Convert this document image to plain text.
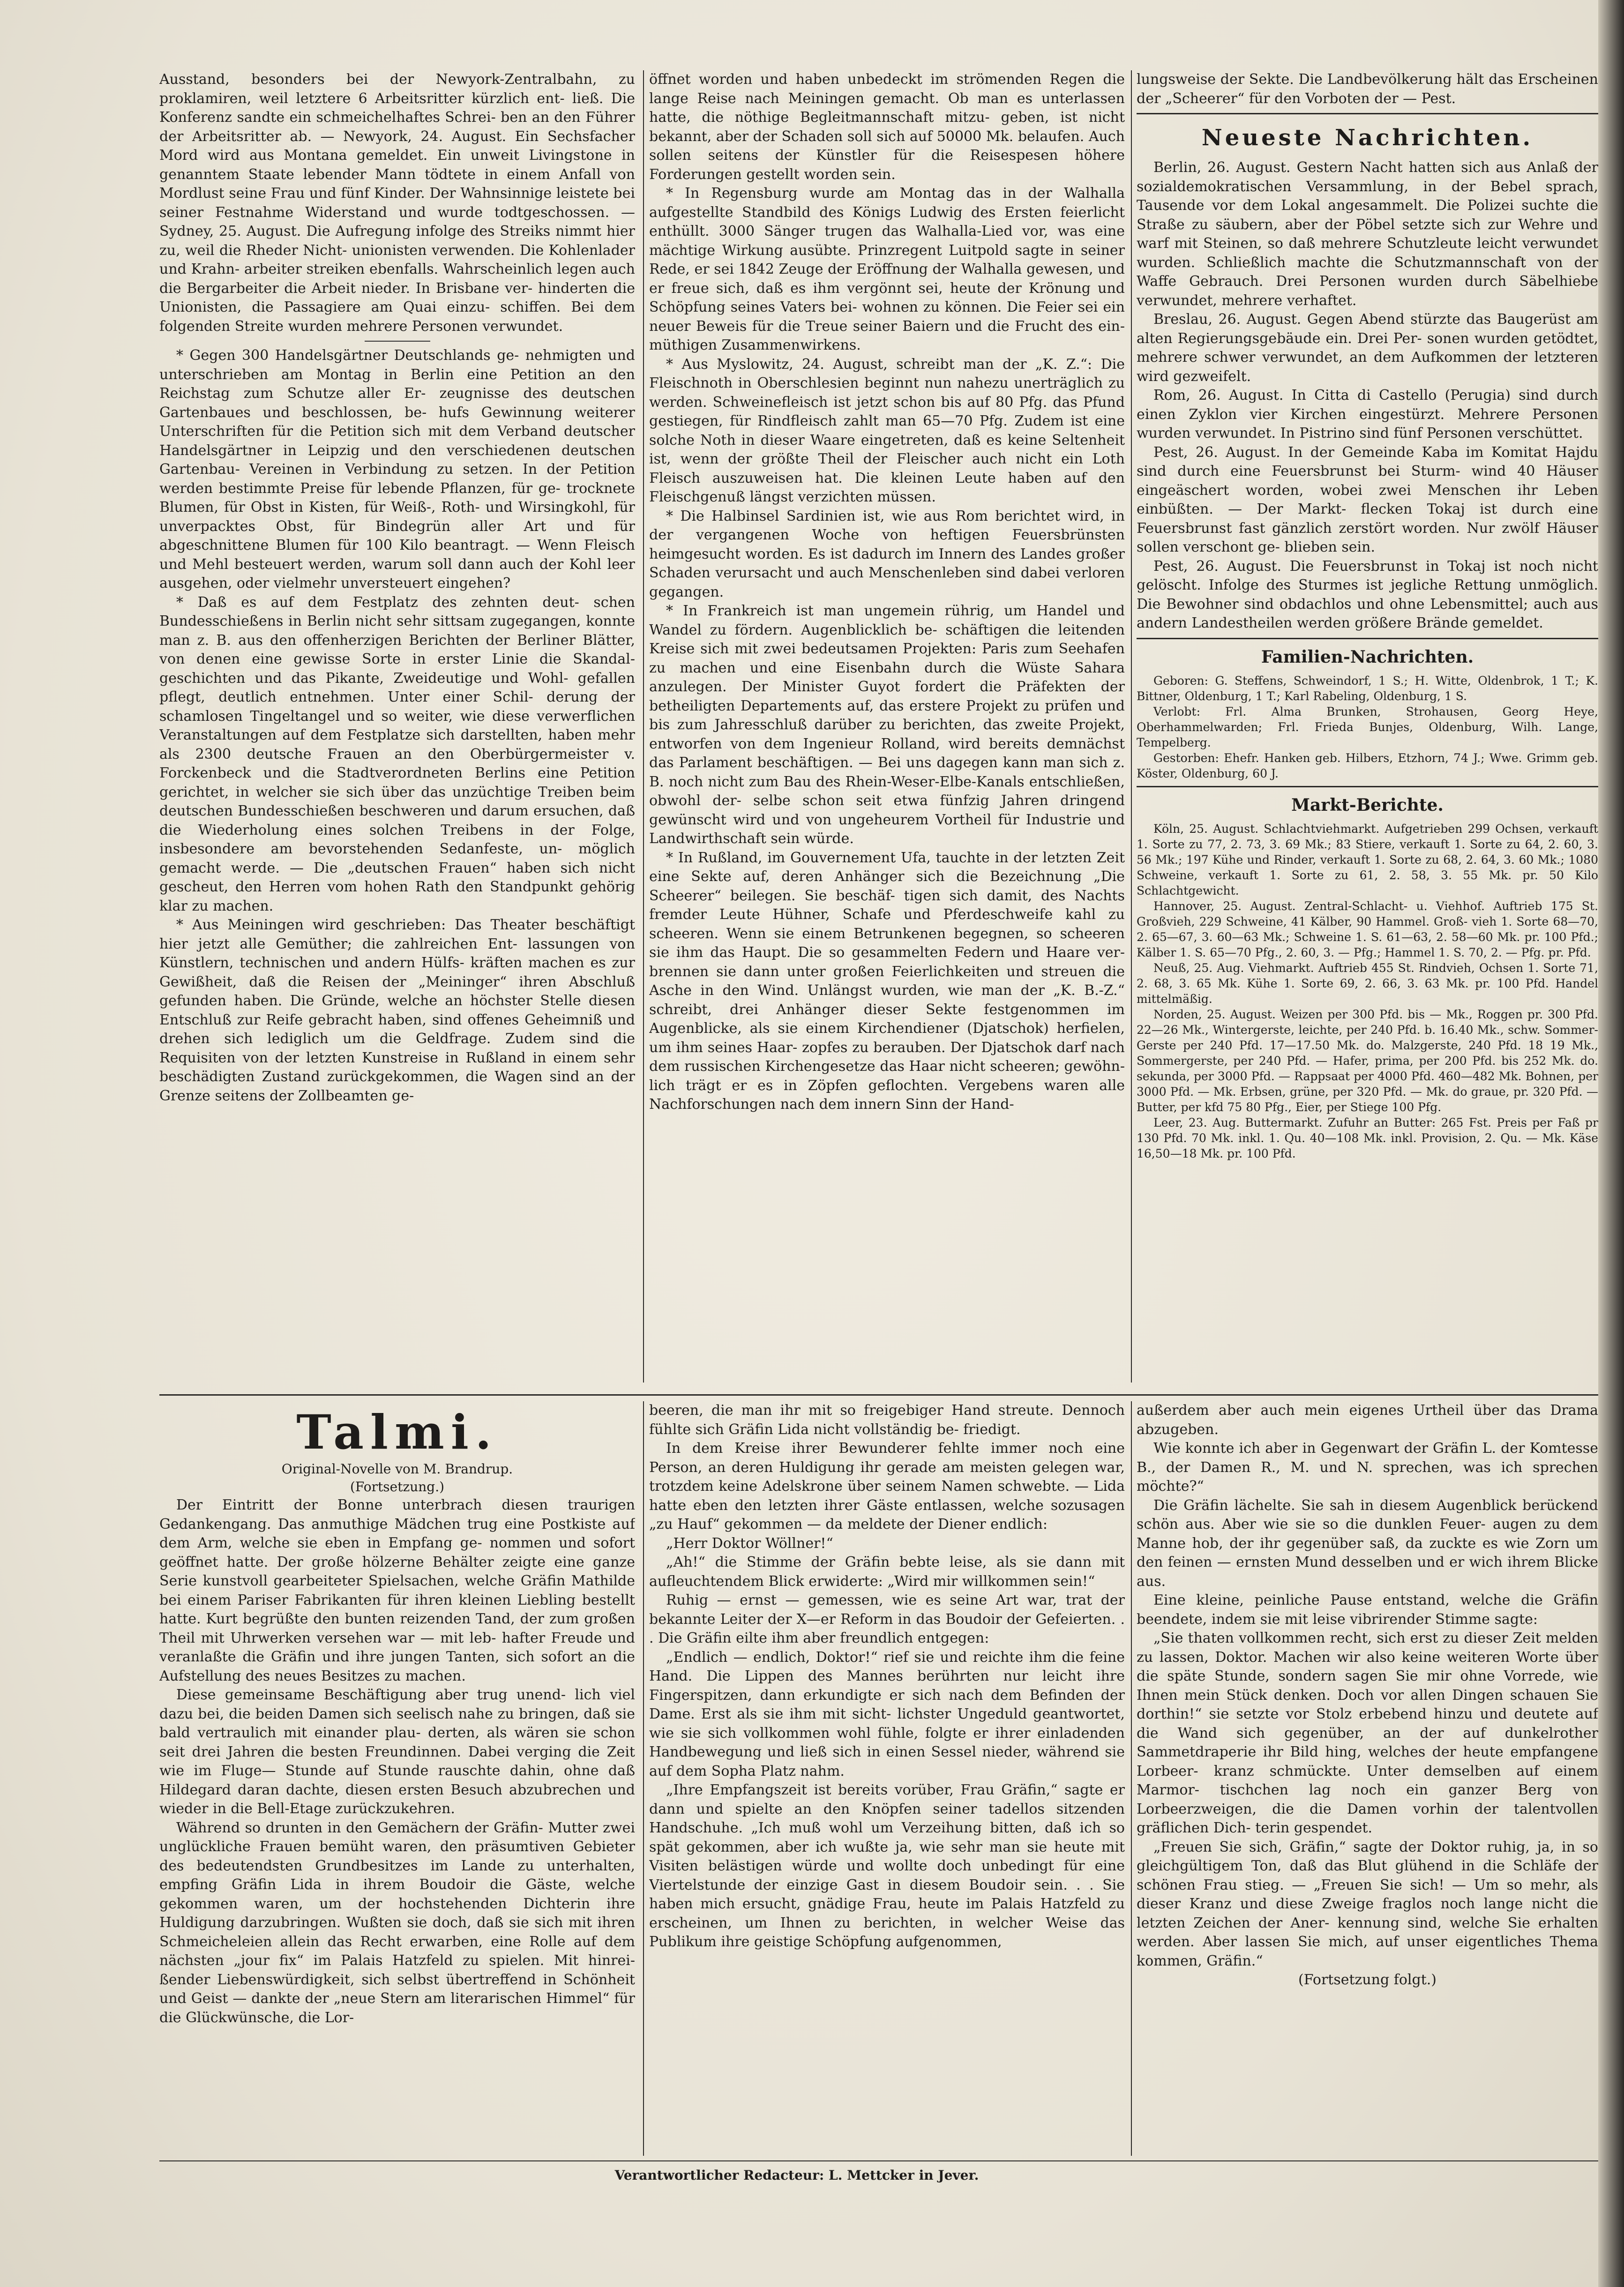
Ausstand, besonders bei der Newyork-Zentralbahn, zu proklamiren, weil letztere 6 Arbeitsritter kürzlich ent- ließ. Die Konferenz sandte ein schmeichelhaftes Schrei- ben an den Führer der Arbeitsritter ab. — Newyork, 24. August. Ein Sechsfacher Mord wird aus Montana gemeldet. Ein unweit Livingstone in genanntem Staate lebender Mann tödtete in einem Anfall von Mordlust seine Frau und fünf Kinder. Der Wahnsinnige leistete bei seiner Festnahme Widerstand und wurde todtgeschossen. — Sydney, 25. August. Die Aufregung infolge des Streiks nimmt hier zu, weil die Rheder Nicht- unionisten verwenden. Die Kohlenlader und Krahn- arbeiter streiken ebenfalls. Wahrscheinlich legen auch die Bergarbeiter die Arbeit nieder. In Brisbane ver- hinderten die Unionisten, die Passagiere am Quai einzu- schiffen. Bei dem folgenden Streite wurden mehrere Personen verwundet.

* Gegen 300 Handelsgärtner Deutschlands ge- nehmigten und unterschrieben am Montag in Berlin eine Petition an den Reichstag zum Schutze aller Er- zeugnisse des deutschen Gartenbaues und beschlossen, be- hufs Gewinnung weiterer Unterschriften für die Petition sich mit dem Verband deutscher Handelsgärtner in Leipzig und den verschiedenen deutschen Gartenbau- Vereinen in Verbindung zu setzen. In der Petition werden bestimmte Preise für lebende Pflanzen, für ge- trocknete Blumen, für Obst in Kisten, für Weiß-, Roth- und Wirsingkohl, für unverpacktes Obst, für Bindegrün aller Art und für abgeschnittene Blumen für 100 Kilo beantragt. — Wenn Fleisch und Mehl besteuert werden, warum soll dann auch der Kohl leer ausgehen, oder vielmehr unversteuert eingehen?

* Daß es auf dem Festplatz des zehnten deut- schen Bundesschießens in Berlin nicht sehr sittsam zugegangen, konnte man z. B. aus den offenherzigen Berichten der Berliner Blätter, von denen eine gewisse Sorte in erster Linie die Skandal- geschichten und das Pikante, Zweideutige und Wohl- gefallen pflegt, deutlich entnehmen. Unter einer Schil- derung der schamlosen Tingeltangel und so weiter, wie diese verwerflichen Veranstaltungen auf dem Festplatze sich darstellten, haben mehr als 2300 deutsche Frauen an den Oberbürgermeister v. Forckenbeck und die Stadtverordneten Berlins eine Petition gerichtet, in welcher sie sich über das unzüchtige Treiben beim deutschen Bundesschießen beschweren und darum ersuchen, daß die Wiederholung eines solchen Treibens in der Folge, insbesondere am bevorstehenden Sedanfeste, un- möglich gemacht werde. — Die „deutschen Frauen“ haben sich nicht gescheut, den Herren vom hohen Rath den Standpunkt gehörig klar zu machen.

* Aus Meiningen wird geschrieben: Das Theater beschäftigt hier jetzt alle Gemüther; die zahlreichen Ent- lassungen von Künstlern, technischen und andern Hülfs- kräften machen es zur Gewißheit, daß die Reisen der „Meininger“ ihren Abschluß gefunden haben. Die Gründe, welche an höchster Stelle diesen Entschluß zur Reife gebracht haben, sind offenes Geheimniß und drehen sich lediglich um die Geldfrage. Zudem sind die Requisiten von der letzten Kunstreise in Rußland in einem sehr beschädigten Zustand zurückgekommen, die Wagen sind an der Grenze seitens der Zollbeamten ge-

öffnet worden und haben unbedeckt im strömenden Regen die lange Reise nach Meiningen gemacht. Ob man es unterlassen hatte, die nöthige Begleitmannschaft mitzu- geben, ist nicht bekannt, aber der Schaden soll sich auf 50000 Mk. belaufen. Auch sollen seitens der Künstler für die Reisespesen höhere Forderungen gestellt worden sein.

* In Regensburg wurde am Montag das in der Walhalla aufgestellte Standbild des Königs Ludwig des Ersten feierlicht enthüllt. 3000 Sänger trugen das Walhalla-Lied vor, was eine mächtige Wirkung ausübte. Prinzregent Luitpold sagte in seiner Rede, er sei 1842 Zeuge der Eröffnung der Walhalla gewesen, und er freue sich, daß es ihm vergönnt sei, heute der Krönung und Schöpfung seines Vaters bei- wohnen zu können. Die Feier sei ein neuer Beweis für die Treue seiner Baiern und die Frucht des ein- müthigen Zusammenwirkens.

* Aus Myslowitz, 24. August, schreibt man der „K. Z.“: Die Fleischnoth in Oberschlesien beginnt nun nahezu unerträglich zu werden. Schweinefleisch ist jetzt schon bis auf 80 Pfg. das Pfund gestiegen, für Rindfleisch zahlt man 65—70 Pfg. Zudem ist eine solche Noth in dieser Waare eingetreten, daß es keine Seltenheit ist, wenn der größte Theil der Fleischer auch nicht ein Loth Fleisch auszuweisen hat. Die kleinen Leute haben auf den Fleischgenuß längst verzichten müssen.

* Die Halbinsel Sardinien ist, wie aus Rom berichtet wird, in der vergangenen Woche von heftigen Feuersbrünsten heimgesucht worden. Es ist dadurch im Innern des Landes großer Schaden verursacht und auch Menschenleben sind dabei verloren gegangen.

* In Frankreich ist man ungemein rührig, um Handel und Wandel zu fördern. Augenblicklich be- schäftigen die leitenden Kreise sich mit zwei bedeutsamen Projekten: Paris zum Seehafen zu machen und eine Eisenbahn durch die Wüste Sahara anzulegen. Der Minister Guyot fordert die Präfekten der betheiligten Departements auf, das erstere Projekt zu prüfen und bis zum Jahresschluß darüber zu berichten, das zweite Projekt, entworfen von dem Ingenieur Rolland, wird bereits demnächst das Parlament beschäftigen. — Bei uns dagegen kann man sich z. B. noch nicht zum Bau des Rhein-Weser-Elbe-Kanals entschließen, obwohl der- selbe schon seit etwa fünfzig Jahren dringend gewünscht wird und von ungeheurem Vortheil für Industrie und Landwirthschaft sein würde.

* In Rußland, im Gouvernement Ufa, tauchte in der letzten Zeit eine Sekte auf, deren Anhänger sich die Bezeichnung „Die Scheerer“ beilegen. Sie beschäf- tigen sich damit, des Nachts fremder Leute Hühner, Schafe und Pferdeschweife kahl zu scheeren. Wenn sie einem Betrunkenen begegnen, so scheeren sie ihm das Haupt. Die so gesammelten Federn und Haare ver- brennen sie dann unter großen Feierlichkeiten und streuen die Asche in den Wind. Unlängst wurden, wie man der „K. B.-Z.“ schreibt, drei Anhänger dieser Sekte festgenommen im Augenblicke, als sie einem Kirchendiener (Djatschok) herfielen, um ihm seines Haar- zopfes zu berauben. Der Djatschok darf nach dem russischen Kirchengesetze das Haar nicht scheeren; gewöhn- lich trägt er es in Zöpfen geflochten. Vergebens waren alle Nachforschungen nach dem innern Sinn der Hand-

lungsweise der Sekte. Die Landbevölkerung hält das Erscheinen der „Scheerer“ für den Vorboten der — Pest.

Neueste Nachrichten.

Berlin, 26. August. Gestern Nacht hatten sich aus Anlaß der sozialdemokratischen Versammlung, in der Bebel sprach, Tausende vor dem Lokal angesammelt. Die Polizei suchte die Straße zu säubern, aber der Pöbel setzte sich zur Wehre und warf mit Steinen, so daß mehrere Schutzleute leicht verwundet wurden. Schließlich machte die Schutzmannschaft von der Waffe Gebrauch. Drei Personen wurden durch Säbelhiebe verwundet, mehrere verhaftet.

Breslau, 26. August. Gegen Abend stürzte das Baugerüst am alten Regierungsgebäude ein. Drei Per- sonen wurden getödtet, mehrere schwer verwundet, an dem Aufkommen der letzteren wird gezweifelt.

Rom, 26. August. In Citta di Castello (Perugia) sind durch einen Zyklon vier Kirchen eingestürzt. Mehrere Personen wurden verwundet. In Pistrino sind fünf Personen verschüttet.

Pest, 26. August. In der Gemeinde Kaba im Komitat Hajdu sind durch eine Feuersbrunst bei Sturm- wind 40 Häuser eingeäschert worden, wobei zwei Menschen ihr Leben einbüßten. — Der Markt- flecken Tokaj ist durch eine Feuersbrunst fast gänzlich zerstört worden. Nur zwölf Häuser sollen verschont ge- blieben sein.

Pest, 26. August. Die Feuersbrunst in Tokaj ist noch nicht gelöscht. Infolge des Sturmes ist jegliche Rettung unmöglich. Die Bewohner sind obdachlos und ohne Lebensmittel; auch aus andern Landestheilen werden größere Brände gemeldet.

Familien-Nachrichten.

Geboren: G. Steffens, Schweindorf, 1 S.; H. Witte, Oldenbrok, 1 T.; K. Bittner, Oldenburg, 1 T.; Karl Rabeling, Oldenburg, 1 S.

Verlobt: Frl. Alma Brunken, Strohausen, Georg Heye, Oberhammelwarden; Frl. Frieda Bunjes, Oldenburg, Wilh. Lange, Tempelberg.

Gestorben: Ehefr. Hanken geb. Hilbers, Etzhorn, 74 J.; Wwe. Grimm geb. Köster, Oldenburg, 60 J.

Markt-Berichte.

Köln, 25. August. Schlachtviehmarkt. Aufgetrieben 299 Ochsen, verkauft 1. Sorte zu 77, 2. 73, 3. 69 Mk.; 83 Stiere, verkauft 1. Sorte zu 64, 2. 60, 3. 56 Mk.; 197 Kühe und Rinder, verkauft 1. Sorte zu 68, 2. 64, 3. 60 Mk.; 1080 Schweine, verkauft 1. Sorte zu 61, 2. 58, 3. 55 Mk. pr. 50 Kilo Schlachtgewicht.

Hannover, 25. August. Zentral-Schlacht- u. Viehhof. Auftrieb 175 St. Großvieh, 229 Schweine, 41 Kälber, 90 Hammel. Groß- vieh 1. Sorte 68—70, 2. 65—67, 3. 60—63 Mk.; Schweine 1. S. 61—63, 2. 58—60 Mk. pr. 100 Pfd.; Kälber 1. S. 65—70 Pfg., 2. 60, 3. — Pfg.; Hammel 1. S. 70, 2. — Pfg. pr. Pfd.

Neuß, 25. Aug. Viehmarkt. Auftrieb 455 St. Rindvieh, Ochsen 1. Sorte 71, 2. 68, 3. 65 Mk. Kühe 1. Sorte 69, 2. 66, 3. 63 Mk. pr. 100 Pfd. Handel mittelmäßig.

Norden, 25. August. Weizen per 300 Pfd. bis — Mk., Roggen pr. 300 Pfd. 22—26 Mk., Wintergerste, leichte, per 240 Pfd. b. 16.40 Mk., schw. Sommer-Gerste per 240 Pfd. 17—17.50 Mk. do. Malzgerste, 240 Pfd. 18 19 Mk., Sommergerste, per 240 Pfd. — Hafer, prima, per 200 Pfd. bis 252 Mk. do. sekunda, per 3000 Pfd. — Rappsaat per 4000 Pfd. 460—482 Mk. Bohnen, per 3000 Pfd. — Mk. Erbsen, grüne, per 320 Pfd. — Mk. do graue, pr. 320 Pfd. — Butter, per kfd 75 80 Pfg., Eier, per Stiege 100 Pfg.

Leer, 23. Aug. Buttermarkt. Zufuhr an Butter: 265 Fst. Preis per Faß pr 130 Pfd. 70 Mk. inkl. 1. Qu. 40—108 Mk. inkl. Provision, 2. Qu. — Mk. Käse 16,50—18 Mk. pr. 100 Pfd.

Talmi.
Original-Novelle von M. Brandrup.
(Fortsetzung.)

Der Eintritt der Bonne unterbrach diesen traurigen Gedankengang. Das anmuthige Mädchen trug eine Postkiste auf dem Arm, welche sie eben in Empfang ge- nommen und sofort geöffnet hatte. Der große hölzerne Behälter zeigte eine ganze Serie kunstvoll gearbeiteter Spielsachen, welche Gräfin Mathilde bei einem Pariser Fabrikanten für ihren kleinen Liebling bestellt hatte. Kurt begrüßte den bunten reizenden Tand, der zum großen Theil mit Uhrwerken versehen war — mit leb- hafter Freude und veranlaßte die Gräfin und ihre jungen Tanten, sich sofort an die Aufstellung des neues Besitzes zu machen.

Diese gemeinsame Beschäftigung aber trug unend- lich viel dazu bei, die beiden Damen sich seelisch nahe zu bringen, daß sie bald vertraulich mit einander plau- derten, als wären sie schon seit drei Jahren die besten Freundinnen. Dabei verging die Zeit wie im Fluge— Stunde auf Stunde rauschte dahin, ohne daß Hildegard daran dachte, diesen ersten Besuch abzubrechen und wieder in die Bell-Etage zurückzukehren.

Während so drunten in den Gemächern der Gräfin- Mutter zwei unglückliche Frauen bemüht waren, den präsumtiven Gebieter des bedeutendsten Grundbesitzes im Lande zu unterhalten, empfing Gräfin Lida in ihrem Boudoir die Gäste, welche gekommen waren, um der hochstehenden Dichterin ihre Huldigung darzubringen. Wußten sie doch, daß sie sich mit ihren Schmeicheleien allein das Recht erwarben, eine Rolle auf dem nächsten „jour fix“ im Palais Hatzfeld zu spielen. Mit hinrei- ßender Liebenswürdigkeit, sich selbst übertreffend in Schönheit und Geist — dankte der „neue Stern am literarischen Himmel“ für die Glückwünsche, die Lor-

beeren, die man ihr mit so freigebiger Hand streute. Dennoch fühlte sich Gräfin Lida nicht vollständig be- friedigt.

In dem Kreise ihrer Bewunderer fehlte immer noch eine Person, an deren Huldigung ihr gerade am meisten gelegen war, trotzdem keine Adelskrone über seinem Namen schwebte. — Lida hatte eben den letzten ihrer Gäste entlassen, welche sozusagen „zu Hauf“ gekommen — da meldete der Diener endlich:

„Herr Doktor Wöllner!“

„Ah!“ die Stimme der Gräfin bebte leise, als sie dann mit aufleuchtendem Blick erwiderte: „Wird mir willkommen sein!“

Ruhig — ernst — gemessen, wie es seine Art war, trat der bekannte Leiter der X—er Reform in das Boudoir der Gefeierten. . . Die Gräfin eilte ihm aber freundlich entgegen:

„Endlich — endlich, Doktor!“ rief sie und reichte ihm die feine Hand. Die Lippen des Mannes berührten nur leicht ihre Fingerspitzen, dann erkundigte er sich nach dem Befinden der Dame. Erst als sie ihm mit sicht- lichster Ungeduld geantwortet, wie sie sich vollkommen wohl fühle, folgte er ihrer einladenden Handbewegung und ließ sich in einen Sessel nieder, während sie auf dem Sopha Platz nahm.

„Ihre Empfangszeit ist bereits vorüber, Frau Gräfin,“ sagte er dann und spielte an den Knöpfen seiner tadellos sitzenden Handschuhe. „Ich muß wohl um Verzeihung bitten, daß ich so spät gekommen, aber ich wußte ja, wie sehr man sie heute mit Visiten belästigen würde und wollte doch unbedingt für eine Viertelstunde der einzige Gast in diesem Boudoir sein. . . Sie haben mich ersucht, gnädige Frau, heute im Palais Hatzfeld zu erscheinen, um Ihnen zu berichten, in welcher Weise das Publikum ihre geistige Schöpfung aufgenommen,

außerdem aber auch mein eigenes Urtheil über das Drama abzugeben.

Wie konnte ich aber in Gegenwart der Gräfin L. der Komtesse B., der Damen R., M. und N. sprechen, was ich sprechen möchte?“

Die Gräfin lächelte. Sie sah in diesem Augenblick berückend schön aus. Aber wie sie so die dunklen Feuer- augen zu dem Manne hob, der ihr gegenüber saß, da zuckte es wie Zorn um den feinen — ernsten Mund desselben und er wich ihrem Blicke aus.

Eine kleine, peinliche Pause entstand, welche die Gräfin beendete, indem sie mit leise vibrirender Stimme sagte:

„Sie thaten vollkommen recht, sich erst zu dieser Zeit melden zu lassen, Doktor. Machen wir also keine weiteren Worte über die späte Stunde, sondern sagen Sie mir ohne Vorrede, wie Ihnen mein Stück denken. Doch vor allen Dingen schauen Sie dorthin!“ sie setzte vor Stolz erbebend hinzu und deutete auf die Wand sich gegenüber, an der auf dunkelrother Sammetdraperie ihr Bild hing, welches der heute empfangene Lorbeer- kranz schmückte. Unter demselben auf einem Marmor- tischchen lag noch ein ganzer Berg von Lorbeerzweigen, die die Damen vorhin der talentvollen gräflichen Dich- terin gespendet.

„Freuen Sie sich, Gräfin,“ sagte der Doktor ruhig, ja, in so gleichgültigem Ton, daß das Blut glühend in die Schläfe der schönen Frau stieg. — „Freuen Sie sich! — Um so mehr, als dieser Kranz und diese Zweige fraglos noch lange nicht die letzten Zeichen der Aner- kennung sind, welche Sie erhalten werden. Aber lassen Sie mich, auf unser eigentliches Thema kommen, Gräfin.“

(Fortsetzung folgt.)

Verantwortlicher Redacteur: L. Mettcker in Jever.
